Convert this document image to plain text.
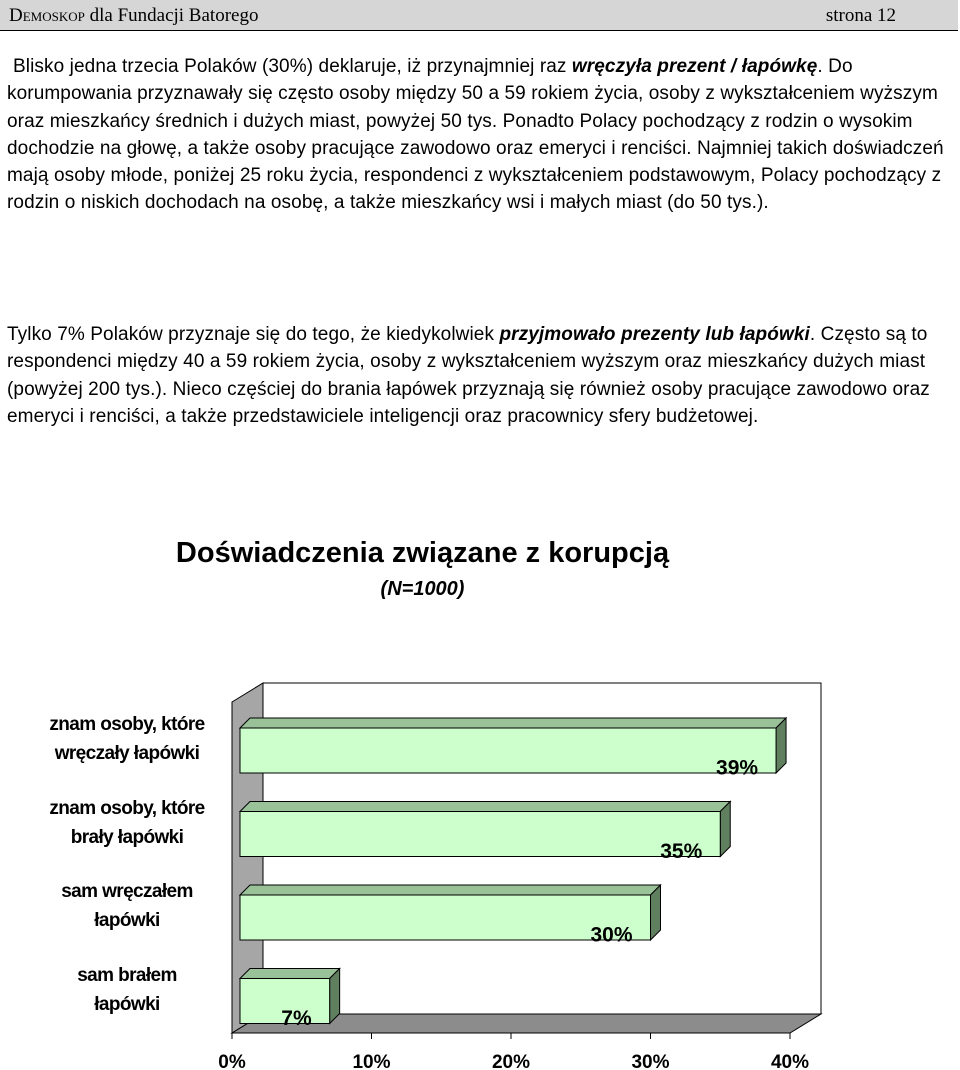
Demoskop dla Fundacji Batorego	strona 12

Blisko jedna trzecia Polaków (30%) deklaruje, iż przynajmniej raz wręczyła prezent / łapówkę. Do korumpowania przyznawały się często osoby między 50 a 59 rokiem życia, osoby z wykształceniem wyższym oraz mieszkańcy średnich i dużych miast, powyżej 50 tys. Ponadto Polacy pochodzący z rodzin o wysokim dochodzie na głowę, a także osoby pracujące zawodowo oraz emeryci i renciści. Najmniej takich doświadczeń mają osoby młode, poniżej 25 roku życia, respondenci z wykształceniem podstawowym, Polacy pochodzący z rodzin o niskich dochodach na osobę, a także mieszkańcy wsi i małych miast (do 50 tys.).

Tylko 7% Polaków przyznaje się do tego, że kiedykolwiek przyjmowało prezenty lub łapówki. Często są to respondenci między 40 a 59 rokiem życia, osoby z wykształceniem wyższym oraz mieszkańcy dużych miast (powyżej 200 tys.). Nieco częściej do brania łapówek przyznają się również osoby pracujące zawodowo oraz emeryci i renciści, a także przedstawiciele inteligencji oraz pracownicy sfery budżetowej.

Doświadczenia związane z korupcją
(N=1000)
0%	10%	20%	30%	40%
39%
35%
30%
7%
znam osoby, które
wręczały łapówki
znam osoby, które
brały łapówki
sam wręczałem
łapówki
sam brałem
łapówki
